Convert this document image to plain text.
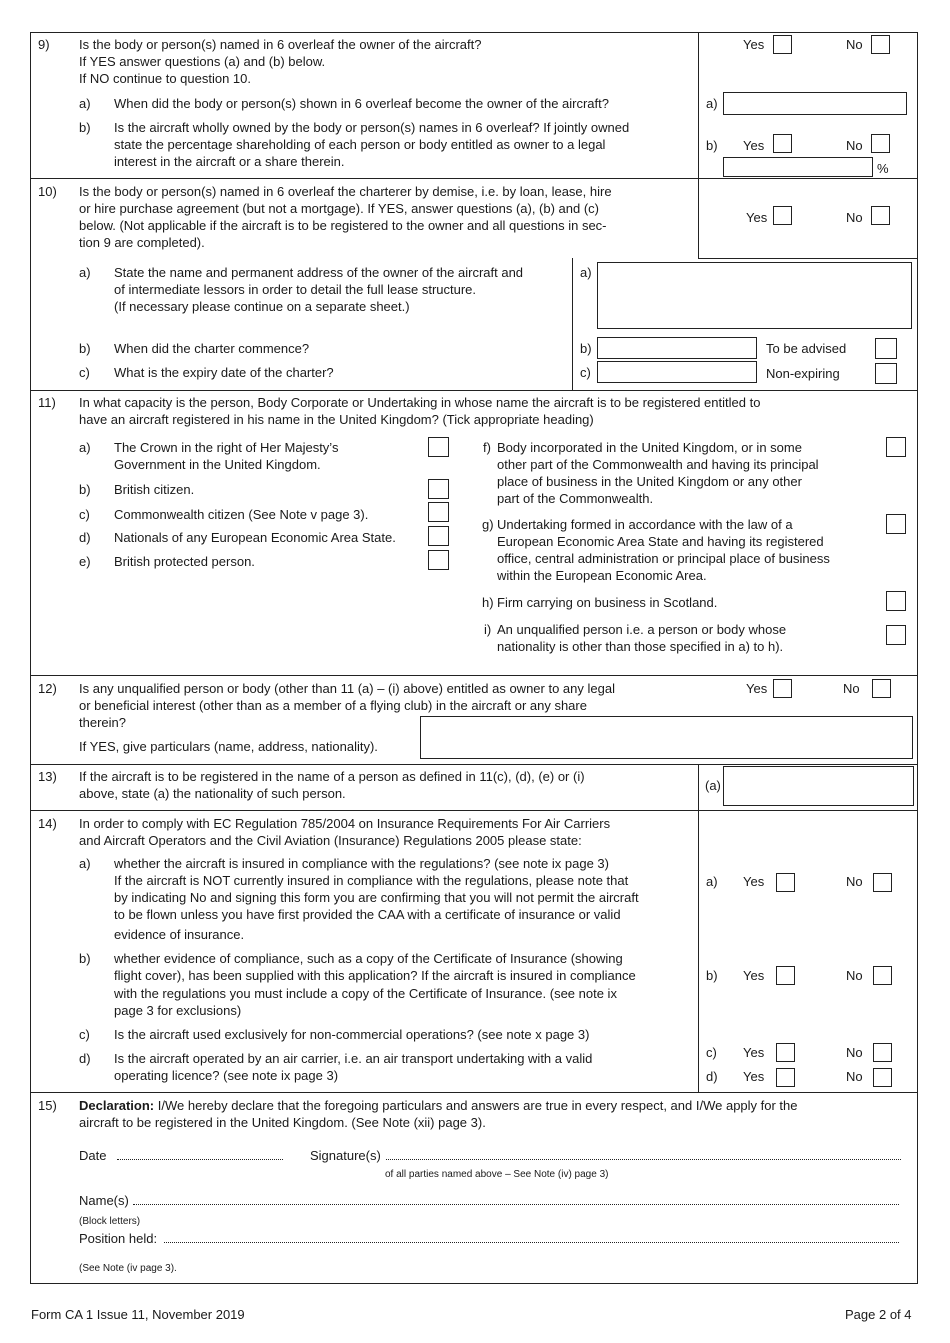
9) Is the body or person(s) named in 6 overleaf the owner of the aircraft?
If YES answer questions (a) and (b) below.
If NO continue to question 10.
Yes	No
a) When did the body or person(s) shown in 6 overleaf become the owner of the aircraft?	a)
b) Is the aircraft wholly owned by the body or person(s) names in 6 overleaf? If jointly owned
state the percentage shareholding of each person or body entitled as owner to a legal
interest in the aircraft or a share therein.
b) Yes	No
%
10) Is the body or person(s) named in 6 overleaf the charterer by demise, i.e. by loan, lease, hire
or hire purchase agreement (but not a mortgage). If YES, answer questions (a), (b) and (c)
below. (Not applicable if the aircraft is to be registered to the owner and all questions in sec-
tion 9 are completed).
Yes	No
a) State the name and permanent address of the owner of the aircraft and
of intermediate lessors in order to detail the full lease structure.
(If necessary please continue on a separate sheet.)
a)
b) When did the charter commence?	b)	To be advised
c) What is the expiry date of the charter?	c)	Non-expiring
11) In what capacity is the person, Body Corporate or Undertaking in whose name the aircraft is to be registered entitled to
have an aircraft registered in his name in the United Kingdom? (Tick appropriate heading)
a) The Crown in the right of Her Majesty’s
Government in the United Kingdom.
b) British citizen.
c) Commonwealth citizen (See Note v page 3).
d) Nationals of any European Economic Area State.
e) British protected person.
f) Body incorporated in the United Kingdom, or in some
other part of the Commonwealth and having its principal
place of business in the United Kingdom or any other
part of the Commonwealth.
g) Undertaking formed in accordance with the law of a
European Economic Area State and having its registered
office, central administration or principal place of business
within the European Economic Area.
h) Firm carrying on business in Scotland.
i) An unqualified person i.e. a person or body whose
nationality is other than those specified in a) to h).
12) Is any unqualified person or body (other than 11 (a) – (i) above) entitled as owner to any legal
or beneficial interest (other than as a member of a flying club) in the aircraft or any share
therein?
If YES, give particulars (name, address, nationality).
Yes	No
13) If the aircraft is to be registered in the name of a person as defined in 11(c), (d), (e) or (i)
above, state (a) the nationality of such person.
(a)
14) In order to comply with EC Regulation 785/2004 on Insurance Requirements For Air Carriers
and Aircraft Operators and the Civil Aviation (Insurance) Regulations 2005 please state:
a) whether the aircraft is insured in compliance with the regulations? (see note ix page 3)
If the aircraft is NOT currently insured in compliance with the regulations, please note that
by indicating No and signing this form you are confirming that you will not permit the aircraft
to be flown unless you have first provided the CAA with a certificate of insurance or valid
evidence of insurance.
a) Yes	No
b) whether evidence of compliance, such as a copy of the Certificate of Insurance (showing
flight cover), has been supplied with this application? If the aircraft is insured in compliance
with the regulations you must include a copy of the Certificate of Insurance. (see note ix
page 3 for exclusions)
b) Yes	No
c) Is the aircraft used exclusively for non-commercial operations? (see note x page 3)
d) Is the aircraft operated by an air carrier, i.e. an air transport undertaking with a valid
operating licence? (see note ix page 3)
c) Yes	No
d) Yes	No
15) Declaration: I/We hereby declare that the foregoing particulars and answers are true in every respect, and I/We apply for the
aircraft to be registered in the United Kingdom. (See Note (xii) page 3).
Date	Signature(s)
of all parties named above – See Note (iv) page 3)
Name(s)
(Block letters)
Position held:
(See Note (iv page 3).
Form CA 1 Issue 11, November 2019	Page 2 of 4
